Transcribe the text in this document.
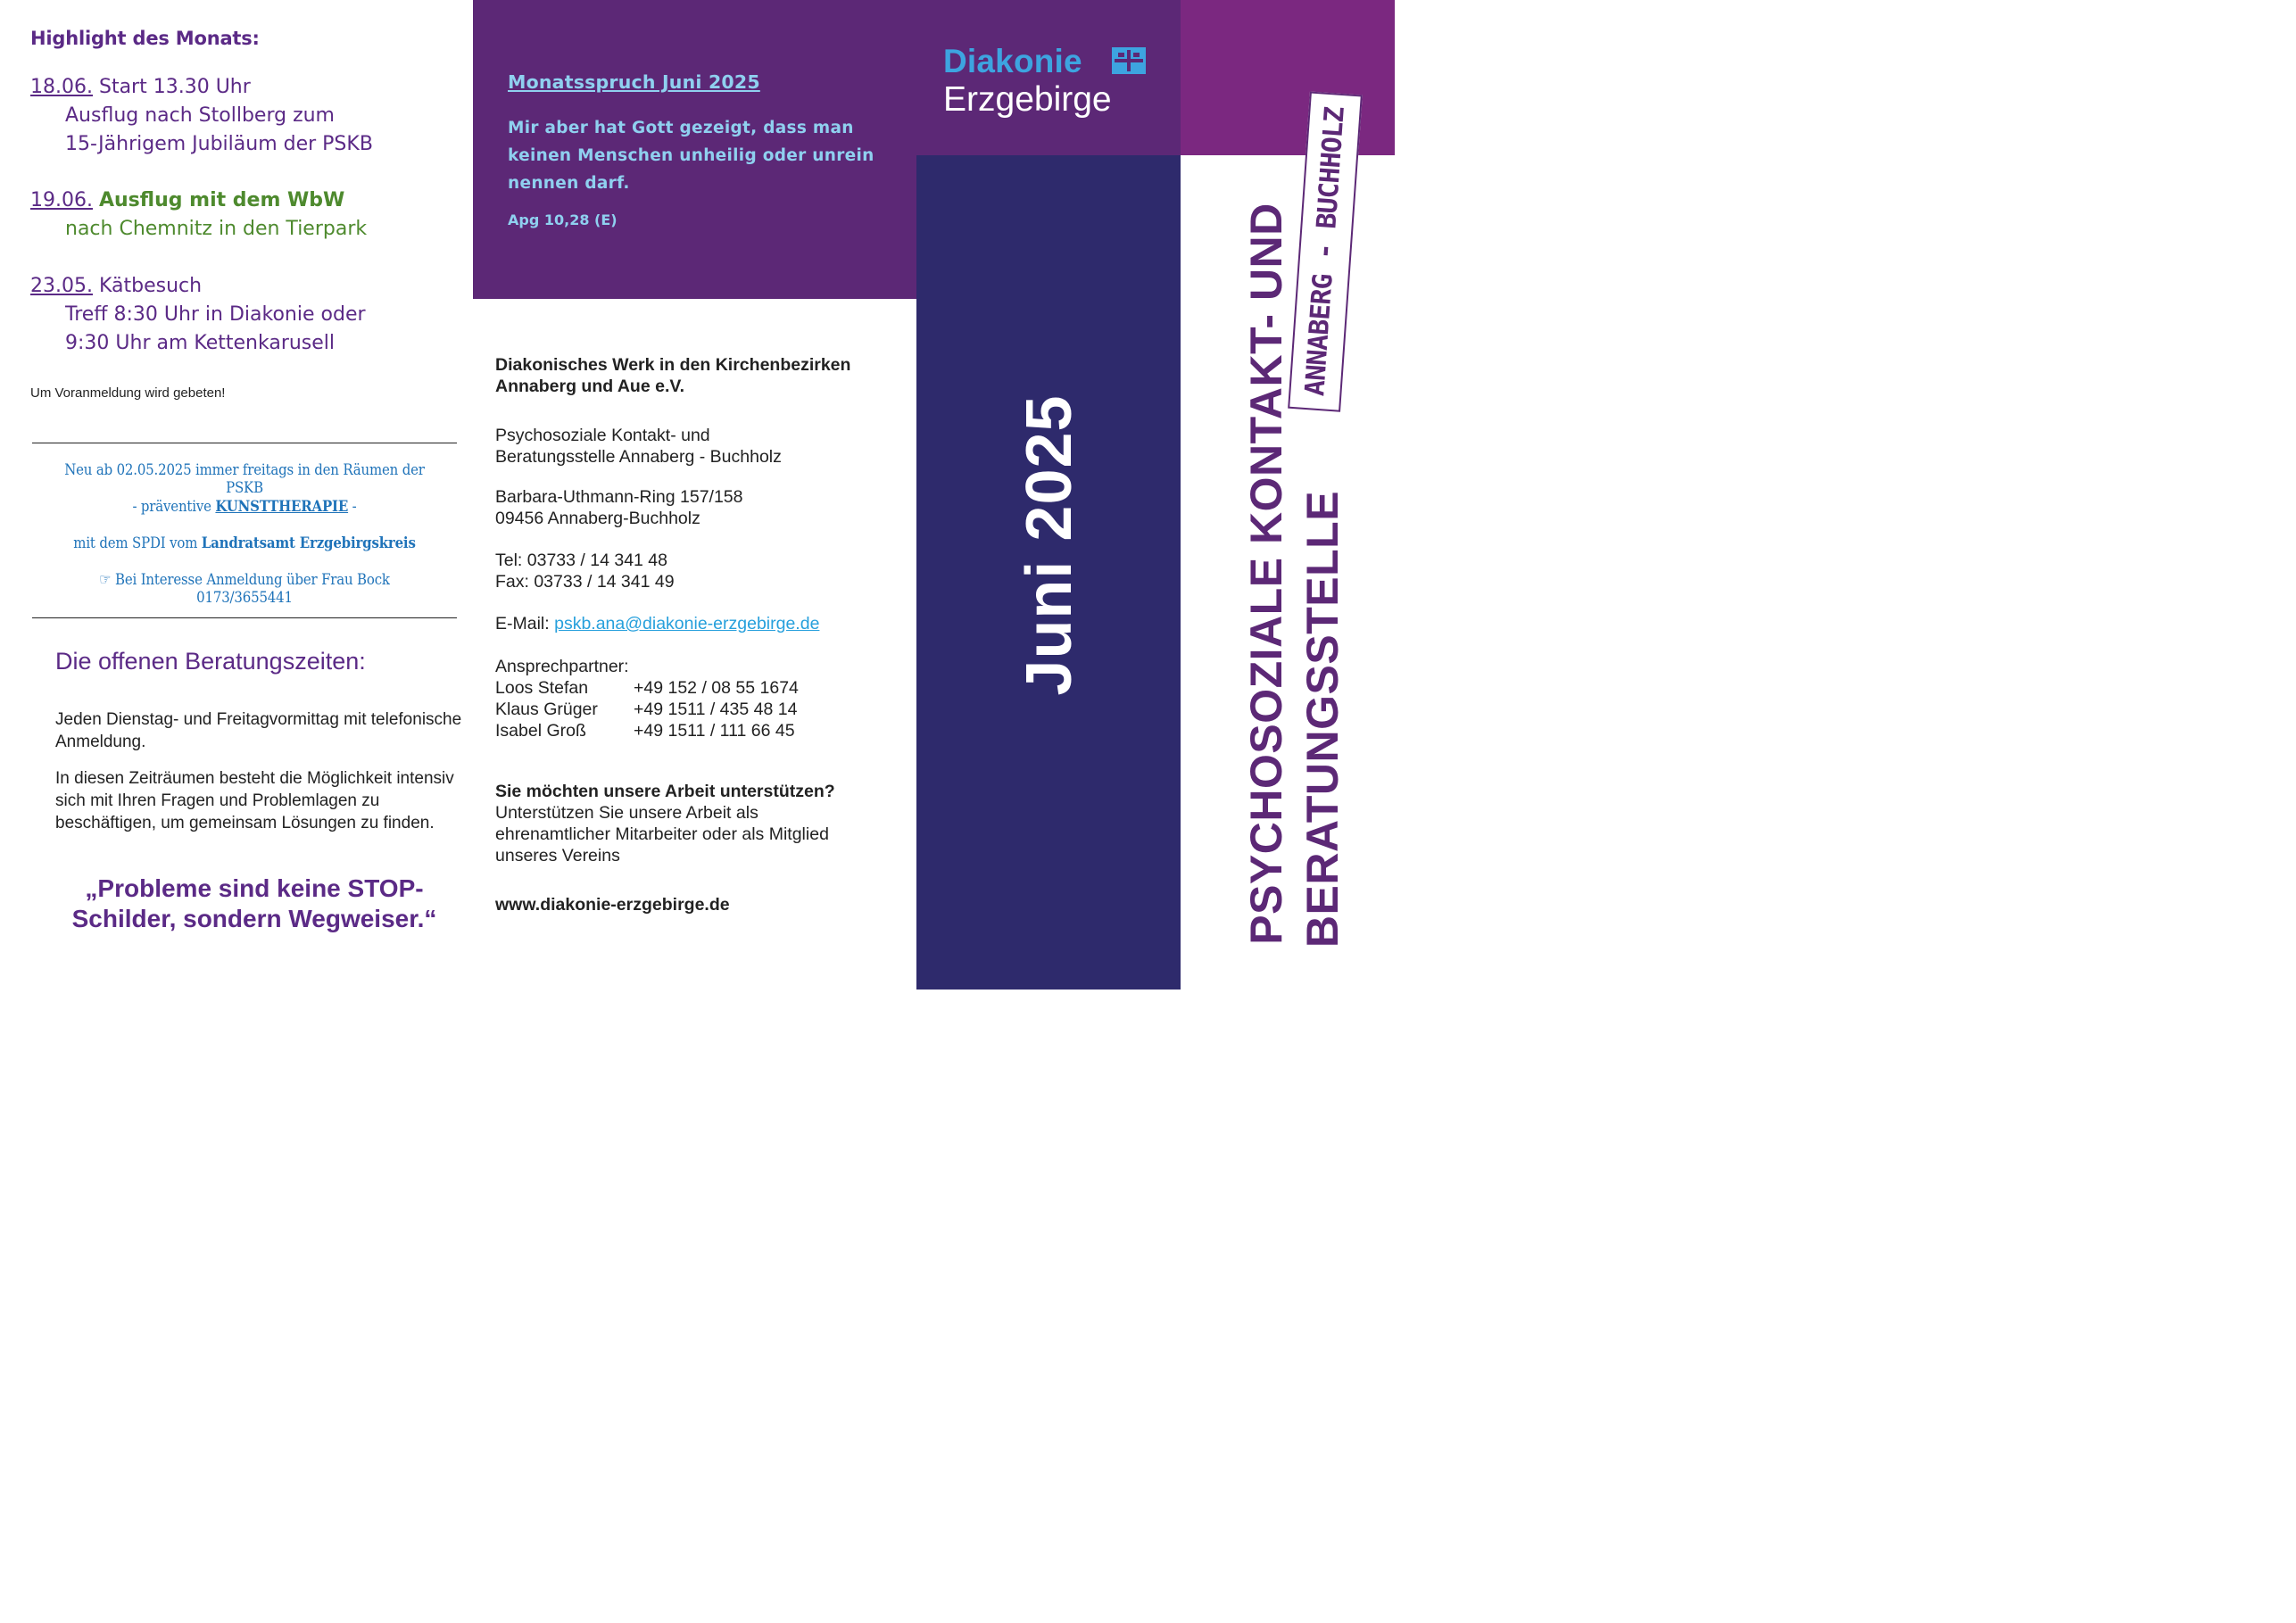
Highlight des Monats:
18.06. Start 13.30 Uhr
Ausflug nach Stollberg zum
15-Jährigem Jubiläum der PSKB
19.06. Ausflug mit dem WbW
nach Chemnitz in den Tierpark
23.05. Kätbesuch
Treff 8:30 Uhr in Diakonie oder
9:30 Uhr am Kettenkarusell
Um Voranmeldung wird gebeten!
Neu ab 02.05.2025 immer freitags in den Räumen der PSKB
- präventive KUNSTTHERAPIE -
mit dem SPDI vom Landratsamt Erzgebirgskreis
☞ Bei Interesse Anmeldung über Frau Bock 0173/3655441
Die offenen Beratungszeiten:
Jeden Dienstag- und Freitagvormittag mit telefonische Anmeldung.
In diesen Zeiträumen besteht die Möglichkeit intensiv sich mit Ihren Fragen und Problemlagen zu beschäftigen, um gemeinsam Lösungen zu finden.
„Probleme sind keine STOP-Schilder, sondern Wegweiser.“
Monatsspruch Juni 2025
Mir aber hat Gott gezeigt, dass man keinen Menschen unheilig oder unrein nennen darf.
Apg 10,28 (E)
Diakonisches Werk in den Kirchenbezirken
Annaberg und Aue e.V.
Psychosoziale Kontakt- und
Beratungsstelle Annaberg - Buchholz
Barbara-Uthmann-Ring 157/158
09456 Annaberg-Buchholz
Tel: 03733 / 14 341 48
Fax: 03733 / 14 341 49
E-Mail: pskb.ana@diakonie-erzgebirge.de
Ansprechpartner:
Loos Stefan	+49 152 / 08 55 1674
Klaus Grüger	+49 1511 / 435 48 14
Isabel Groß	+49 1511 / 111 66 45
Sie möchten unsere Arbeit unterstützen?
Unterstützen Sie unsere Arbeit als
ehrenamtlicher Mitarbeiter oder als Mitglied
unseres Vereins
www.diakonie-erzgebirge.de
Diakonie
Erzgebirge
Juni 2025	PSYCHOSOZIALE KONTAKT- UND BERATUNGSSTELLE
ANNABERG - BUCHHOLZ
